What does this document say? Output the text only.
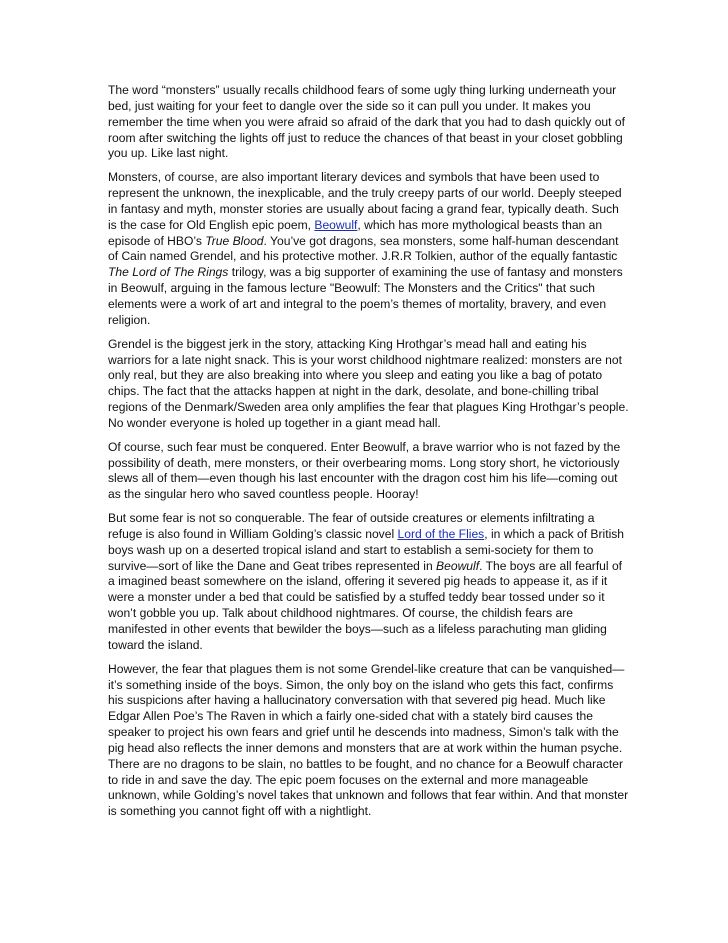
The word “monsters” usually recalls childhood fears of some ugly thing lurking underneath your bed, just waiting for your feet to dangle over the side so it can pull you under. It makes you remember the time when you were afraid so afraid of the dark that you had to dash quickly out of room after switching the lights off just to reduce the chances of that beast in your closet gobbling you up. Like last night.

Monsters, of course, are also important literary devices and symbols that have been used to represent the unknown, the inexplicable, and the truly creepy parts of our world. Deeply steeped in fantasy and myth, monster stories are usually about facing a grand fear, typically death. Such is the case for Old English epic poem, Beowulf, which has more mythological beasts than an episode of HBO’s True Blood. You’ve got dragons, sea monsters, some half-human descendant of Cain named Grendel, and his protective mother. J.R.R Tolkien, author of the equally fantastic The Lord of The Rings trilogy, was a big supporter of examining the use of fantasy and monsters in Beowulf, arguing in the famous lecture "Beowulf: The Monsters and the Critics" that such elements were a work of art and integral to the poem’s themes of mortality, bravery, and even religion.

Grendel is the biggest jerk in the story, attacking King Hrothgar’s mead hall and eating his warriors for a late night snack. This is your worst childhood nightmare realized: monsters are not only real, but they are also breaking into where you sleep and eating you like a bag of potato chips. The fact that the attacks happen at night in the dark, desolate, and bone-chilling tribal regions of the Denmark/Sweden area only amplifies the fear that plagues King Hrothgar’s people. No wonder everyone is holed up together in a giant mead hall.

Of course, such fear must be conquered. Enter Beowulf, a brave warrior who is not fazed by the possibility of death, mere monsters, or their overbearing moms. Long story short, he victoriously slews all of them—even though his last encounter with the dragon cost him his life—coming out as the singular hero who saved countless people. Hooray!

But some fear is not so conquerable. The fear of outside creatures or elements infiltrating a refuge is also found in William Golding’s classic novel Lord of the Flies, in which a pack of British boys wash up on a deserted tropical island and start to establish a semi-society for them to survive—sort of like the Dane and Geat tribes represented in Beowulf. The boys are all fearful of a imagined beast somewhere on the island, offering it severed pig heads to appease it, as if it were a monster under a bed that could be satisfied by a stuffed teddy bear tossed under so it won’t gobble you up. Talk about childhood nightmares. Of course, the childish fears are manifested in other events that bewilder the boys—such as a lifeless parachuting man gliding toward the island.

However, the fear that plagues them is not some Grendel-like creature that can be vanquished—it’s something inside of the boys. Simon, the only boy on the island who gets this fact, confirms his suspicions after having a hallucinatory conversation with that severed pig head. Much like Edgar Allen Poe’s The Raven in which a fairly one-sided chat with a stately bird causes the speaker to project his own fears and grief until he descends into madness, Simon’s talk with the pig head also reflects the inner demons and monsters that are at work within the human psyche. There are no dragons to be slain, no battles to be fought, and no chance for a Beowulf character to ride in and save the day. The epic poem focuses on the external and more manageable unknown, while Golding’s novel takes that unknown and follows that fear within. And that monster is something you cannot fight off with a nightlight.
